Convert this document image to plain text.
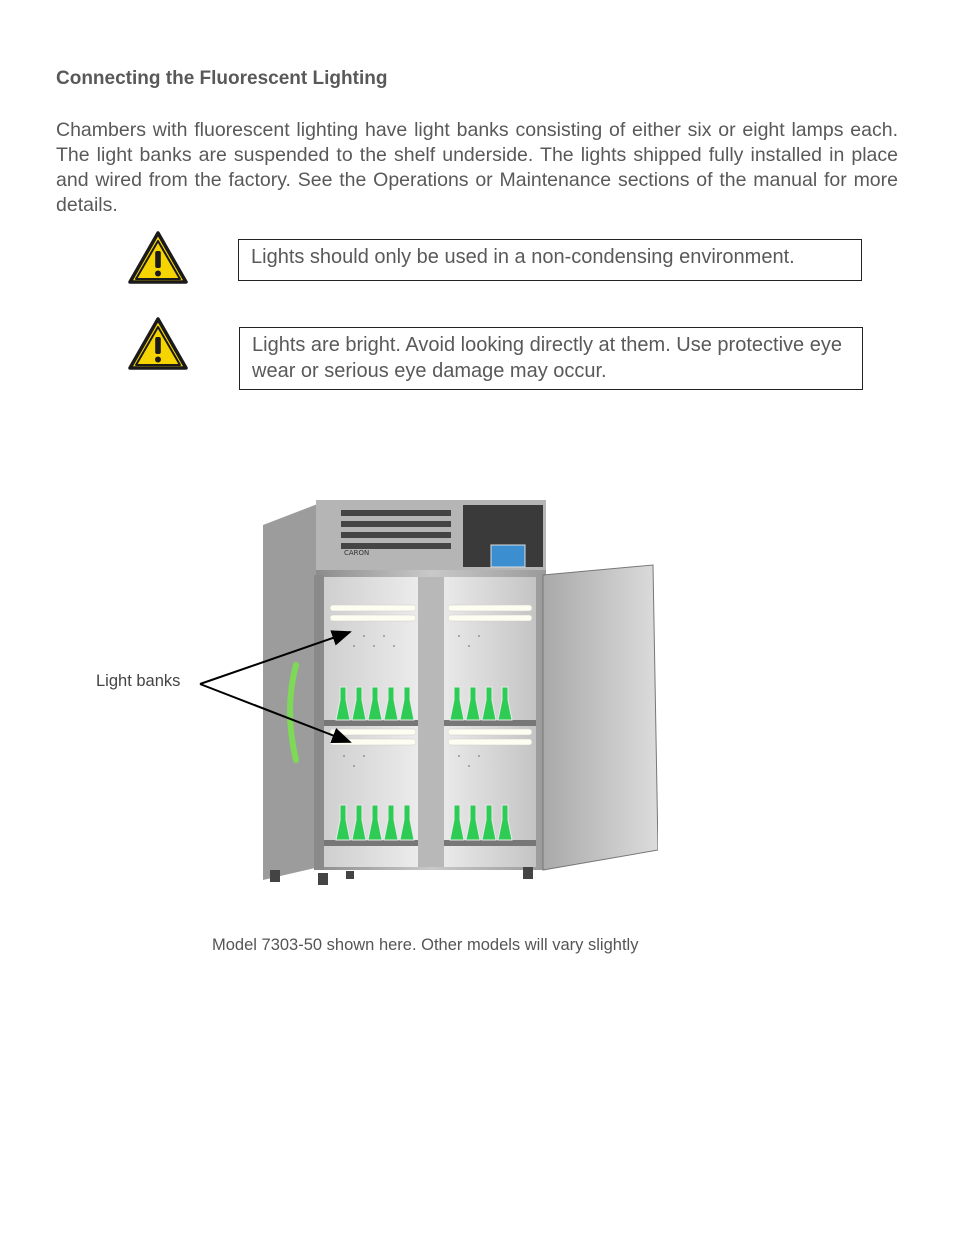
Connecting the Fluorescent Lighting

Chambers with fluorescent lighting have light banks consisting of either six or eight lamps each. The light banks are suspended to the shelf underside. The lights shipped fully installed in place and wired from the factory. See the Operations or Maintenance sections of the manual for more details.

Lights should only be used in a non-condensing environment.
Lights are bright. Avoid looking directly at them. Use protective eye wear or serious eye damage may occur.
CARON
Light banks
Model 7303-50 shown here. Other models will vary slightly
